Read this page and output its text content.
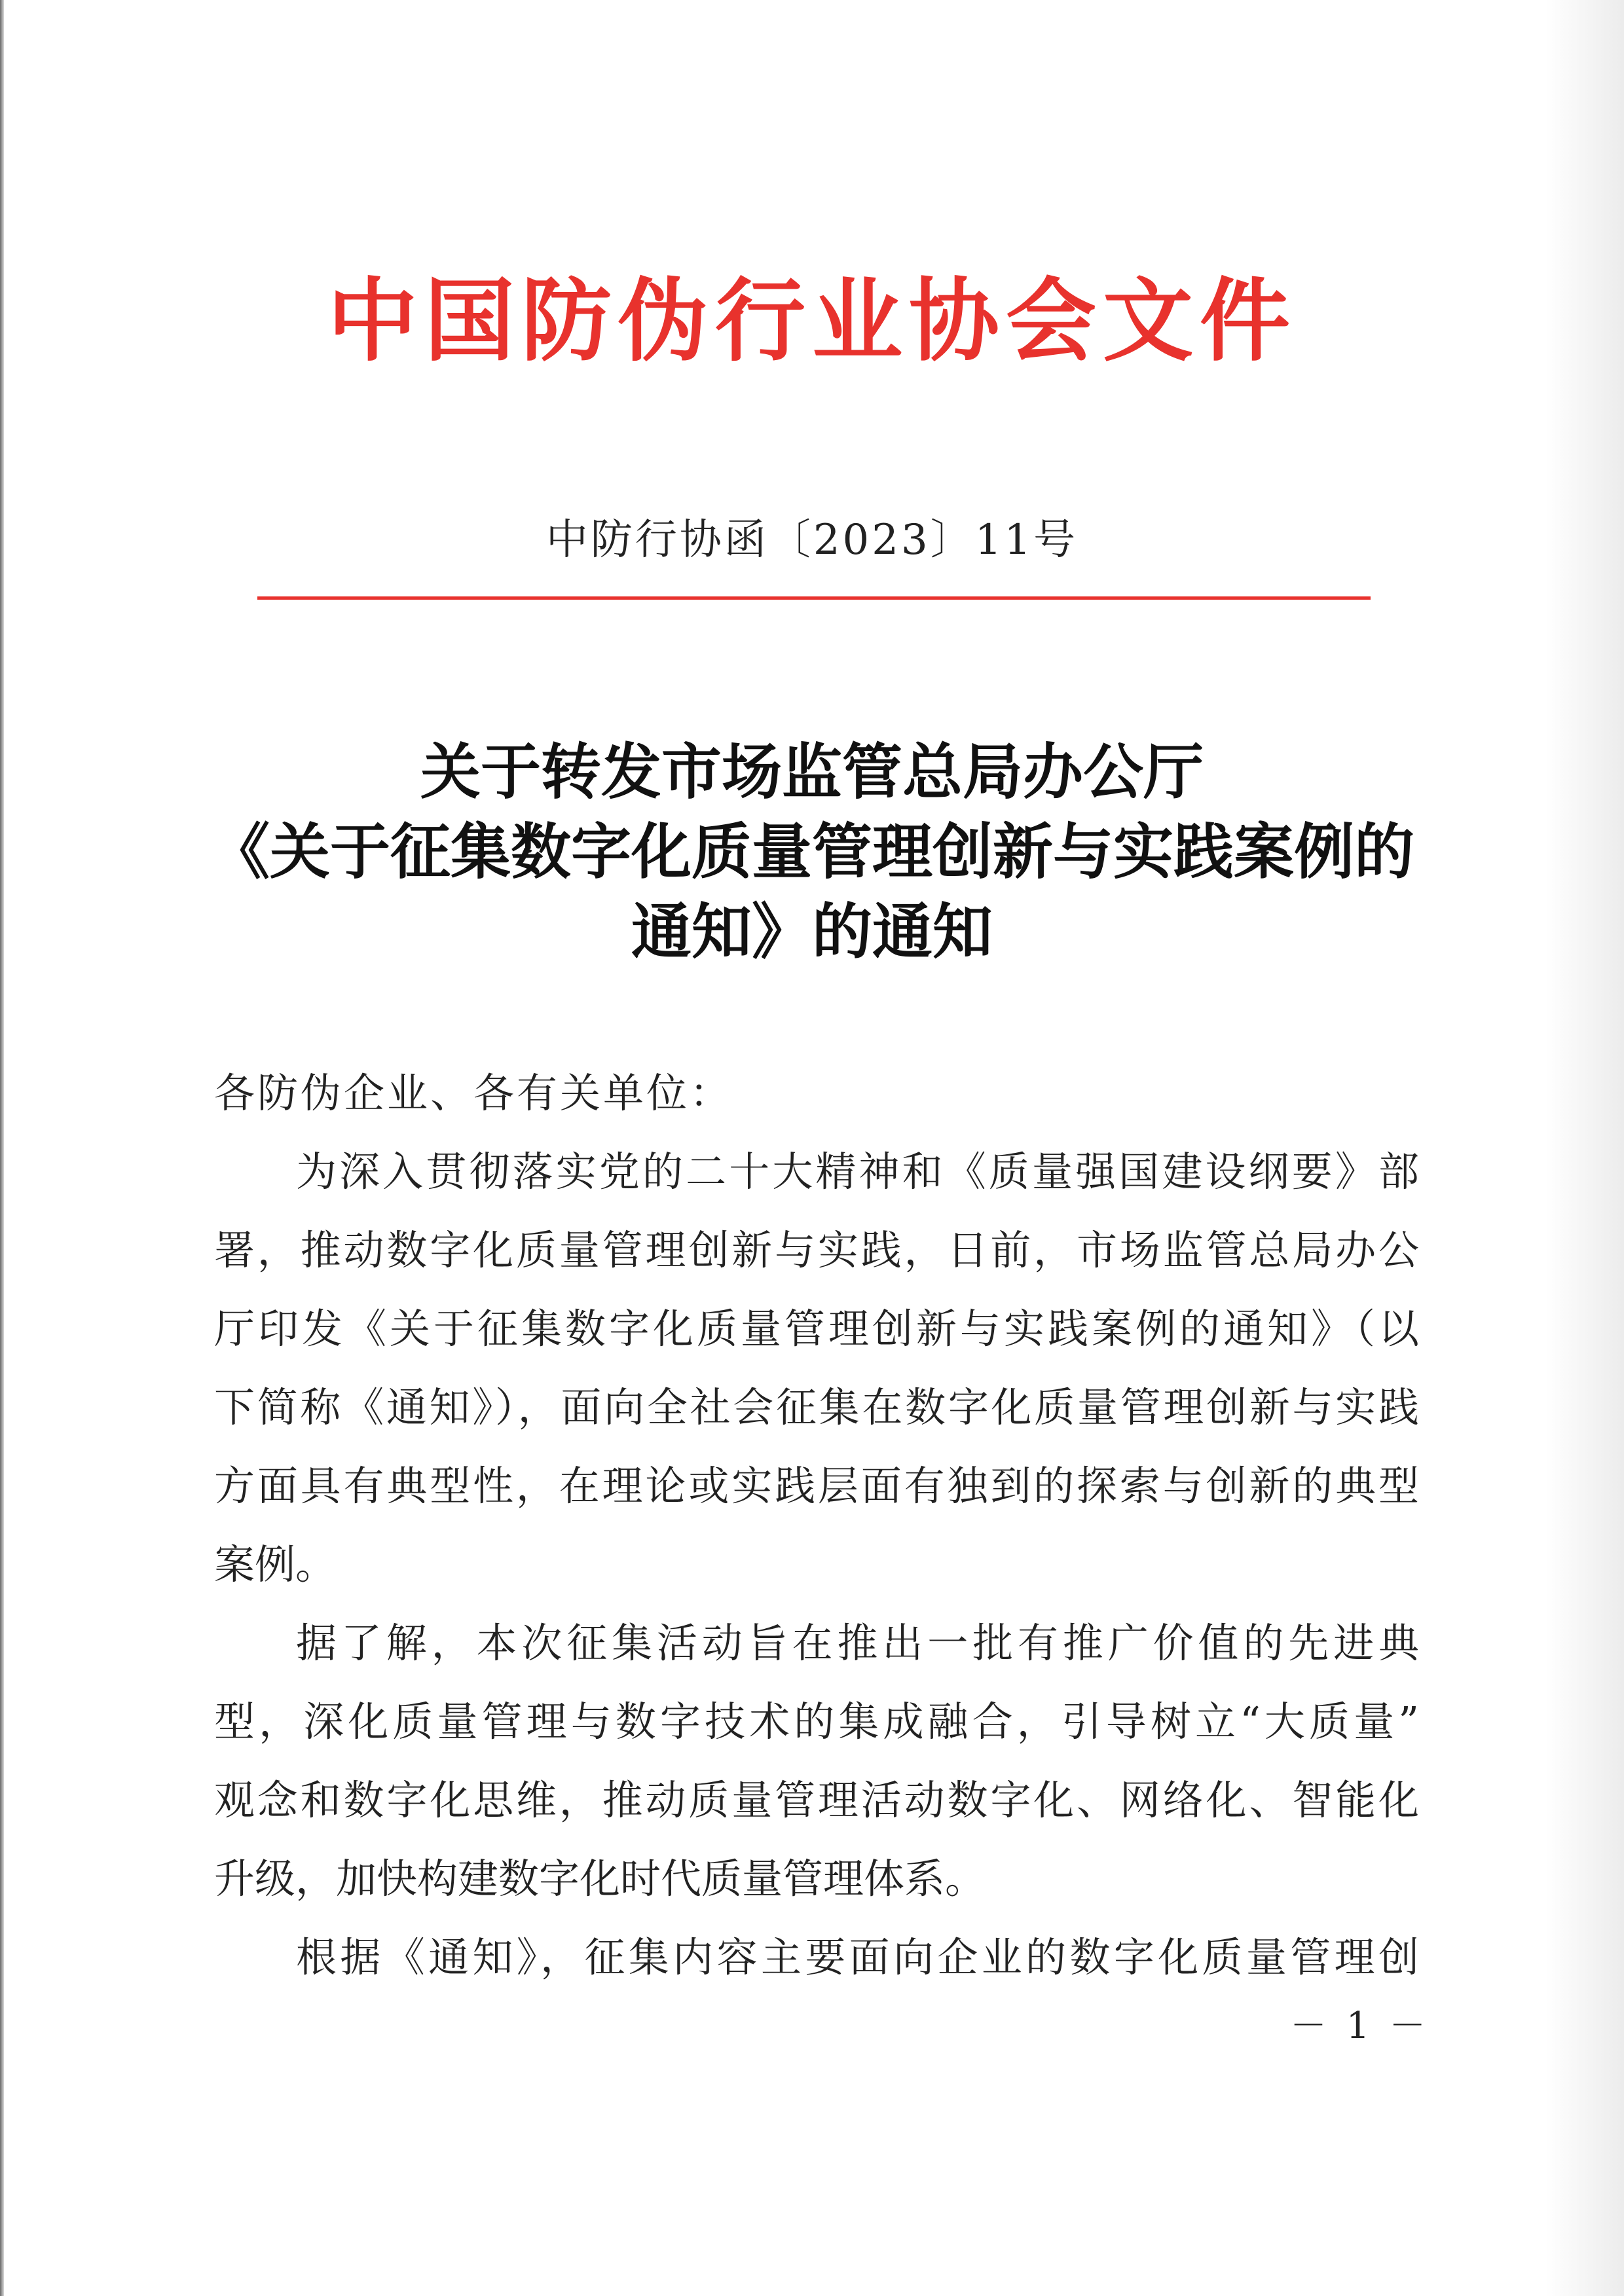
中国防伪行业协会文件
中防行协函〔2023〕11号
关于转发市场监管总局办公厅
《关于征集数字化质量管理创新与实践案例的
通知》的通知
各防伪企业、各有关单位：
为深入贯彻落实党的二十大精神和《质量强国建设纲要》部
署，推动数字化质量管理创新与实践，日前，市场监管总局办公
厅印发《关于征集数字化质量管理创新与实践案例的通知》（以
下简称《通知》），面向全社会征集在数字化质量管理创新与实践
方面具有典型性，在理论或实践层面有独到的探索与创新的典型
案例。
据了解，本次征集活动旨在推出一批有推广价值的先进典
型，深化质量管理与数字技术的集成融合，引导树立“大质量”
观念和数字化思维，推动质量管理活动数字化、网络化、智能化
升级，加快构建数字化时代质量管理体系。
根据《通知》，征集内容主要面向企业的数字化质量管理创
－ 1 －
